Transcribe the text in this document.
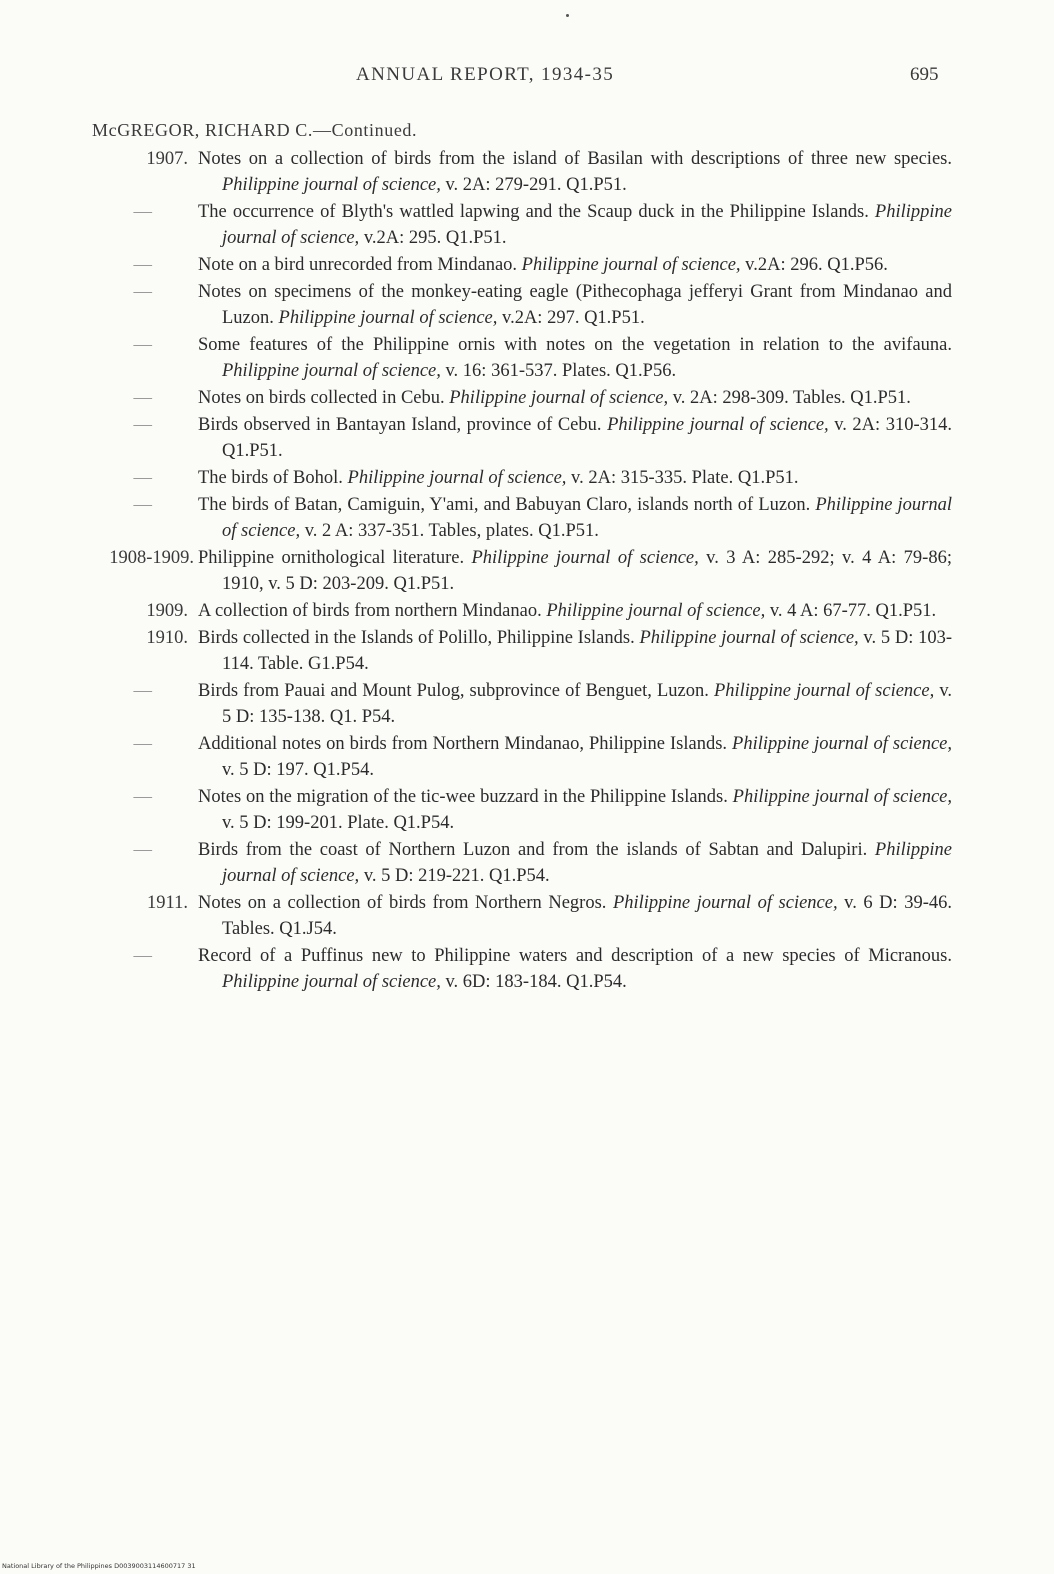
ANNUAL REPORT, 1934-35	695
McGREGOR, RICHARD C.—Continued.
1907. Notes on a collection of birds from the island of Basilan with descriptions of three new species. Philippine journal of science, v. 2A: 279-291. Q1.P51.
— The occurrence of Blyth's wattled lapwing and the Scaup duck in the Philippine Islands. Philippine journal of science, v.2A: 295. Q1.P51.
— Note on a bird unrecorded from Mindanao. Philippine journal of science, v.2A: 296. Q1.P56.
— Notes on specimens of the monkey-eating eagle (Pithecophaga jefferyi Grant from Mindanao and Luzon. Philippine journal of science, v.2A: 297. Q1.P51.
— Some features of the Philippine ornis with notes on the vegetation in relation to the avifauna. Philippine journal of science, v. 16: 361-537. Plates. Q1.P56.
— Notes on birds collected in Cebu. Philippine journal of science, v. 2A: 298-309. Tables. Q1.P51.
— Birds observed in Bantayan Island, province of Cebu. Philippine journal of science, v. 2A: 310-314. Q1.P51.
— The birds of Bohol. Philippine journal of science, v. 2A: 315-335. Plate. Q1.P51.
— The birds of Batan, Camiguin, Y'ami, and Babuyan Claro, islands north of Luzon. Philippine journal of science, v. 2 A: 337-351. Tables, plates. Q1.P51.
1908-1909. Philippine ornithological literature. Philippine journal of science, v. 3 A: 285-292; v. 4 A: 79-86; 1910, v. 5 D: 203-209. Q1.P51.
1909. A collection of birds from northern Mindanao. Philippine journal of science, v. 4 A: 67-77. Q1.P51.
1910. Birds collected in the Islands of Polillo, Philippine Islands. Philippine journal of science, v. 5 D: 103-114. Table. G1.P54.
— Birds from Pauai and Mount Pulog, subprovince of Benguet, Luzon. Philippine journal of science, v. 5 D: 135-138. Q1. P54.
— Additional notes on birds from Northern Mindanao, Philippine Islands. Philippine journal of science, v. 5 D: 197. Q1.P54.
— Notes on the migration of the tic-wee buzzard in the Philippine Islands. Philippine journal of science, v. 5 D: 199-201. Plate. Q1.P54.
— Birds from the coast of Northern Luzon and from the islands of Sabtan and Dalupiri. Philippine journal of science, v. 5 D: 219-221. Q1.P54.
1911. Notes on a collection of birds from Northern Negros. Philippine journal of science, v. 6 D: 39-46. Tables. Q1.J54.
— Record of a Puffinus new to Philippine waters and description of a new species of Micranous. Philippine journal of science, v. 6D: 183-184. Q1.P54.
National Library of the Philippines D0039003114600717 31
